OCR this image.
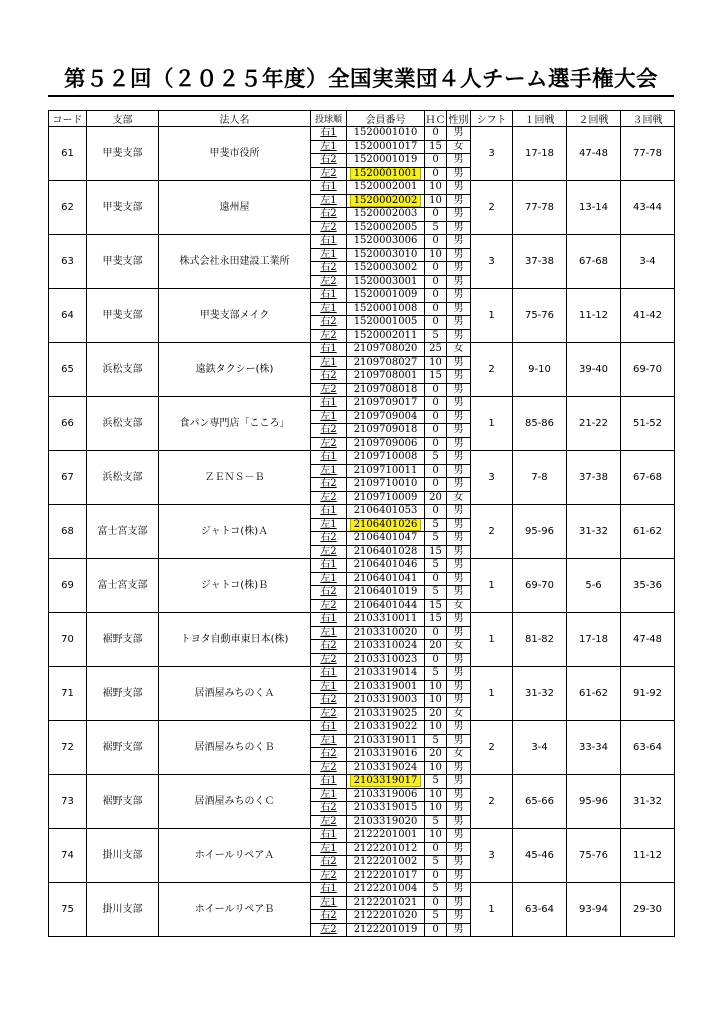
第５２回（２０２５年度）全国実業団４人チーム選手権大会
コード	支部	法人名	投球順	会員番号	ＨＣ	性別	シフト	１回戦	２回戦	３回戦
61	甲斐支部	甲斐市役所	右1	1520001010	0	男	3	17-18	47-48	77-78
			左1	1520001017	15	女				
			右2	1520001019	0	男				
			左2	1520001001	0	男				
62	甲斐支部	遠州屋	右1	1520002001	10	男	2	77-78	13-14	43-44
			左1	1520002002	10	男				
			右2	1520002003	0	男				
			左2	1520002005	5	男				
63	甲斐支部	株式会社永田建設工業所	右1	1520003006	0	男	3	37-38	67-68	3-4
			左1	1520003010	10	男				
			右2	1520003002	0	男				
			左2	1520003001	0	男				
64	甲斐支部	甲斐支部メイク	右1	1520001009	0	男	1	75-76	11-12	41-42
			左1	1520001008	0	男				
			右2	1520001005	0	男				
			左2	1520002011	5	男				
65	浜松支部	遠鉄タクシー(株)	右1	2109708020	25	女	2	9-10	39-40	69-70
			左1	2109708027	10	男				
			右2	2109708001	15	男				
			左2	2109708018	0	男				
66	浜松支部	食パン専門店「こころ」	右1	2109709017	0	男	1	85-86	21-22	51-52
			左1	2109709004	0	男				
			右2	2109709018	0	男				
			左2	2109709006	0	男				
67	浜松支部	ＺＥＮＳ－Ｂ	右1	2109710008	5	男	3	7-8	37-38	67-68
			左1	2109710011	0	男				
			右2	2109710010	0	男				
			左2	2109710009	20	女				
68	富士宮支部	ジャトコ(株)Ａ	右1	2106401053	0	男	2	95-96	31-32	61-62
			左1	2106401026	5	男				
			右2	2106401047	5	男				
			左2	2106401028	15	男				
69	富士宮支部	ジャトコ(株)Ｂ	右1	2106401046	5	男	1	69-70	5-6	35-36
			左1	2106401041	0	男				
			右2	2106401019	5	男				
			左2	2106401044	15	女				
70	裾野支部	トヨタ自動車東日本(株)	右1	2103310011	15	男	1	81-82	17-18	47-48
			左1	2103310020	0	男				
			右2	2103310024	20	女				
			左2	2103310023	0	男				
71	裾野支部	居酒屋みちのくＡ	右1	2103319014	5	男	1	31-32	61-62	91-92
			左1	2103319001	10	男				
			右2	2103319003	10	男				
			左2	2103319025	20	女				
72	裾野支部	居酒屋みちのくＢ	右1	2103319022	10	男	2	3-4	33-34	63-64
			左1	2103319011	5	男				
			右2	2103319016	20	女				
			左2	2103319024	10	男				
73	裾野支部	居酒屋みちのくＣ	右1	2103319017	5	男	2	65-66	95-96	31-32
			左1	2103319006	10	男				
			右2	2103319015	10	男				
			左2	2103319020	5	男				
74	掛川支部	ホイールリペアＡ	右1	2122201001	10	男	3	45-46	75-76	11-12
			左1	2122201012	0	男				
			右2	2122201002	5	男				
			左2	2122201017	0	男				
75	掛川支部	ホイールリペアＢ	右1	2122201004	5	男	1	63-64	93-94	29-30
			左1	2122201021	0	男				
			右2	2122201020	5	男				
			左2	2122201019	0	男				
